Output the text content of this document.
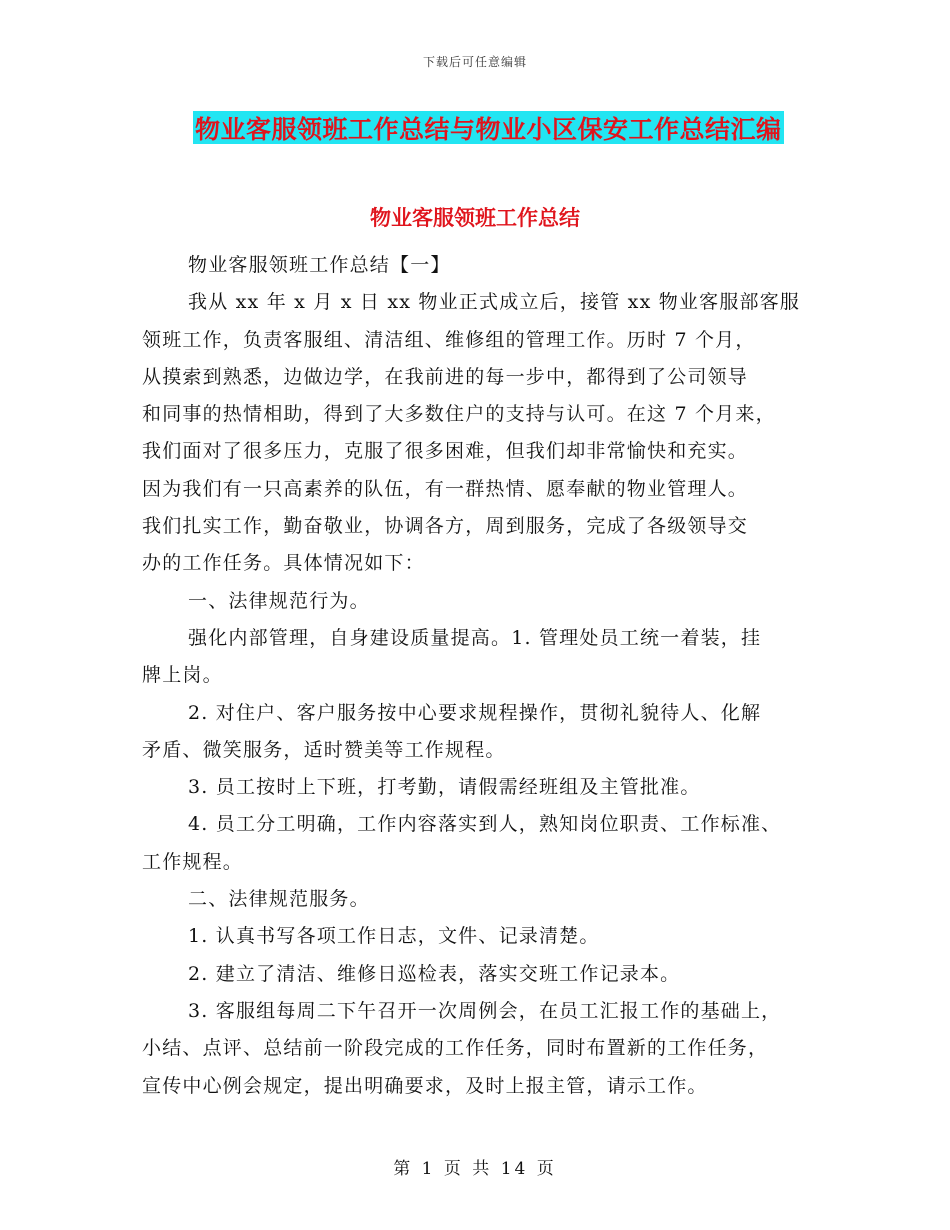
下载后可任意编辑
物业客服领班工作总结与物业小区保安工作总结汇编
物业客服领班工作总结
物业客服领班工作总结【一】
我从 xx 年 x 月 x 日 xx 物业正式成立后，接管 xx 物业客服部客服
领班工作，负责客服组、清洁组、维修组的管理工作。历时 7 个月，
从摸索到熟悉，边做边学，在我前进的每一步中，都得到了公司领导
和同事的热情相助，得到了大多数住户的支持与认可。在这 7 个月来，
我们面对了很多压力，克服了很多困难，但我们却非常愉快和充实。
因为我们有一只高素养的队伍，有一群热情、愿奉献的物业管理人。
我们扎实工作，勤奋敬业，协调各方，周到服务，完成了各级领导交
办的工作任务。具体情况如下：
一、法律规范行为。
强化内部管理，自身建设质量提高。1. 管理处员工统一着装，挂
牌上岗。
2. 对住户、客户服务按中心要求规程操作，贯彻礼貌待人、化解
矛盾、微笑服务，适时赞美等工作规程。
3. 员工按时上下班，打考勤，请假需经班组及主管批准。
4. 员工分工明确，工作内容落实到人，熟知岗位职责、工作标准、
工作规程。
二、法律规范服务。
1. 认真书写各项工作日志，文件、记录清楚。
2. 建立了清洁、维修日巡检表，落实交班工作记录本。
3. 客服组每周二下午召开一次周例会，在员工汇报工作的基础上，
小结、点评、总结前一阶段完成的工作任务，同时布置新的工作任务，
宣传中心例会规定，提出明确要求，及时上报主管，请示工作。
第 1 页 共 14 页
